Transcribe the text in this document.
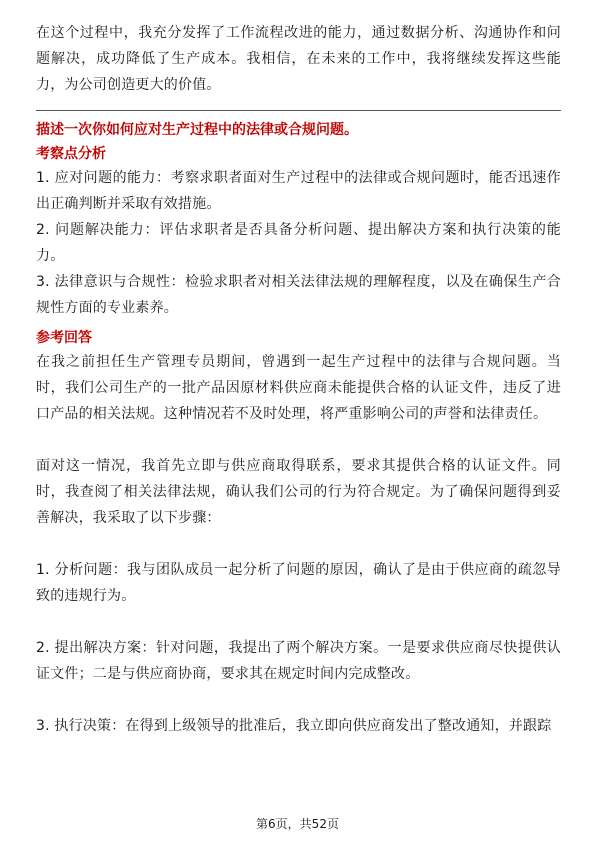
在这个过程中，我充分发挥了工作流程改进的能力，通过数据分析、沟通协作和问题解决，成功降低了生产成本。我相信，在未来的工作中，我将继续发挥这些能力，为公司创造更大的价值。

描述一次你如何应对生产过程中的法律或合规问题。
考察点分析

1. 应对问题的能力：考察求职者面对生产过程中的法律或合规问题时，能否迅速作出正确判断并采取有效措施。

2. 问题解决能力：评估求职者是否具备分析问题、提出解决方案和执行决策的能力。

3. 法律意识与合规性：检验求职者对相关法律法规的理解程度，以及在确保生产合规性方面的专业素养。

参考回答

在我之前担任生产管理专员期间，曾遇到一起生产过程中的法律与合规问题。当时，我们公司生产的一批产品因原材料供应商未能提供合格的认证文件，违反了进口产品的相关法规。这种情况若不及时处理，将严重影响公司的声誉和法律责任。

面对这一情况，我首先立即与供应商取得联系，要求其提供合格的认证文件。同时，我查阅了相关法律法规，确认我们公司的行为符合规定。为了确保问题得到妥善解决，我采取了以下步骤：

1. 分析问题：我与团队成员一起分析了问题的原因，确认了是由于供应商的疏忽导致的违规行为。

2. 提出解决方案：针对问题，我提出了两个解决方案。一是要求供应商尽快提供认证文件；二是与供应商协商，要求其在规定时间内完成整改。

3. 执行决策：在得到上级领导的批准后，我立即向供应商发出了整改通知，并跟踪

第6页，共52页
